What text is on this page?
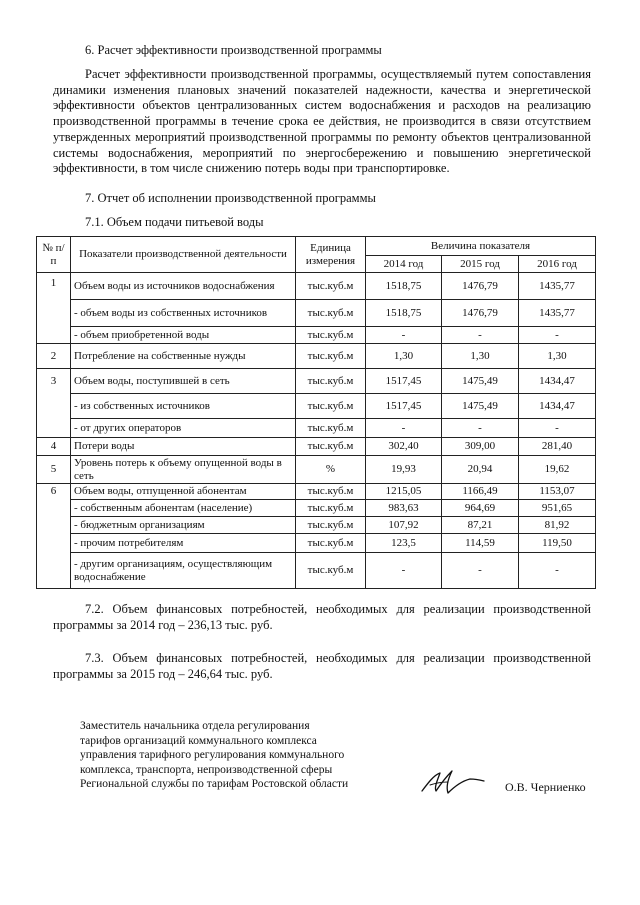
6. Расчет эффективности производственной программы

Расчет эффективности производственной программы, осуществляемый путем сопоставления динамики изменения плановых значений показателей надежности, качества и энергетической эффективности объектов централизованных систем водоснабжения и расходов на реализацию производственной программы в течение срока ее действия, не производится в связи отсутствием утвержденных мероприятий производственной программы по ремонту объектов централизованной системы водоснабжения, мероприятий по энергосбережению и повышению энергетической эффективности, в том числе снижению потерь воды при транспортировке.

7. Отчет об исполнении производственной программы

7.1. Объем подачи питьевой воды

№ п/п	Показатели производственной деятельности	Единица измерения	Величина показателя		
			2014 год	2015 год	2016 год
1	Объем воды из источников водоснабжения	тыс.куб.м	1518,75	1476,79	1435,77
	- объем воды из собственных источников	тыс.куб.м	1518,75	1476,79	1435,77
	- объем приобретенной воды	тыс.куб.м	-	-	-
2	Потребление на собственные нужды	тыс.куб.м	1,30	1,30	1,30
3	Объем воды, поступившей в сеть	тыс.куб.м	1517,45	1475,49	1434,47
	- из собственных источников	тыс.куб.м	1517,45	1475,49	1434,47
	- от других операторов	тыс.куб.м	-	-	-
4	Потери воды	тыс.куб.м	302,40	309,00	281,40
5	Уровень потерь к объему опущенной воды в сеть	%	19,93	20,94	19,62
6	Объем воды, отпущенной абонентам	тыс.куб.м	1215,05	1166,49	1153,07
	- собственным абонентам (население)	тыс.куб.м	983,63	964,69	951,65
	- бюджетным организациям	тыс.куб.м	107,92	87,21	81,92
	- прочим потребителям	тыс.куб.м	123,5	114,59	119,50
	- другим организациям, осуществляющим водоснабжение	тыс.куб.м	-	-	-

7.2. Объем финансовых потребностей, необходимых для реализации производственной программы за 2014 год – 236,13 тыс. руб.

7.3. Объем финансовых потребностей, необходимых для реализации производственной программы за 2015 год – 246,64 тыс. руб.

Заместитель начальника отдела регулирования
тарифов организаций коммунального комплекса
управления тарифного регулирования коммунального
комплекса, транспорта, непроизводственной сферы
Региональной службы по тарифам Ростовской области	О.В. Черниенко
